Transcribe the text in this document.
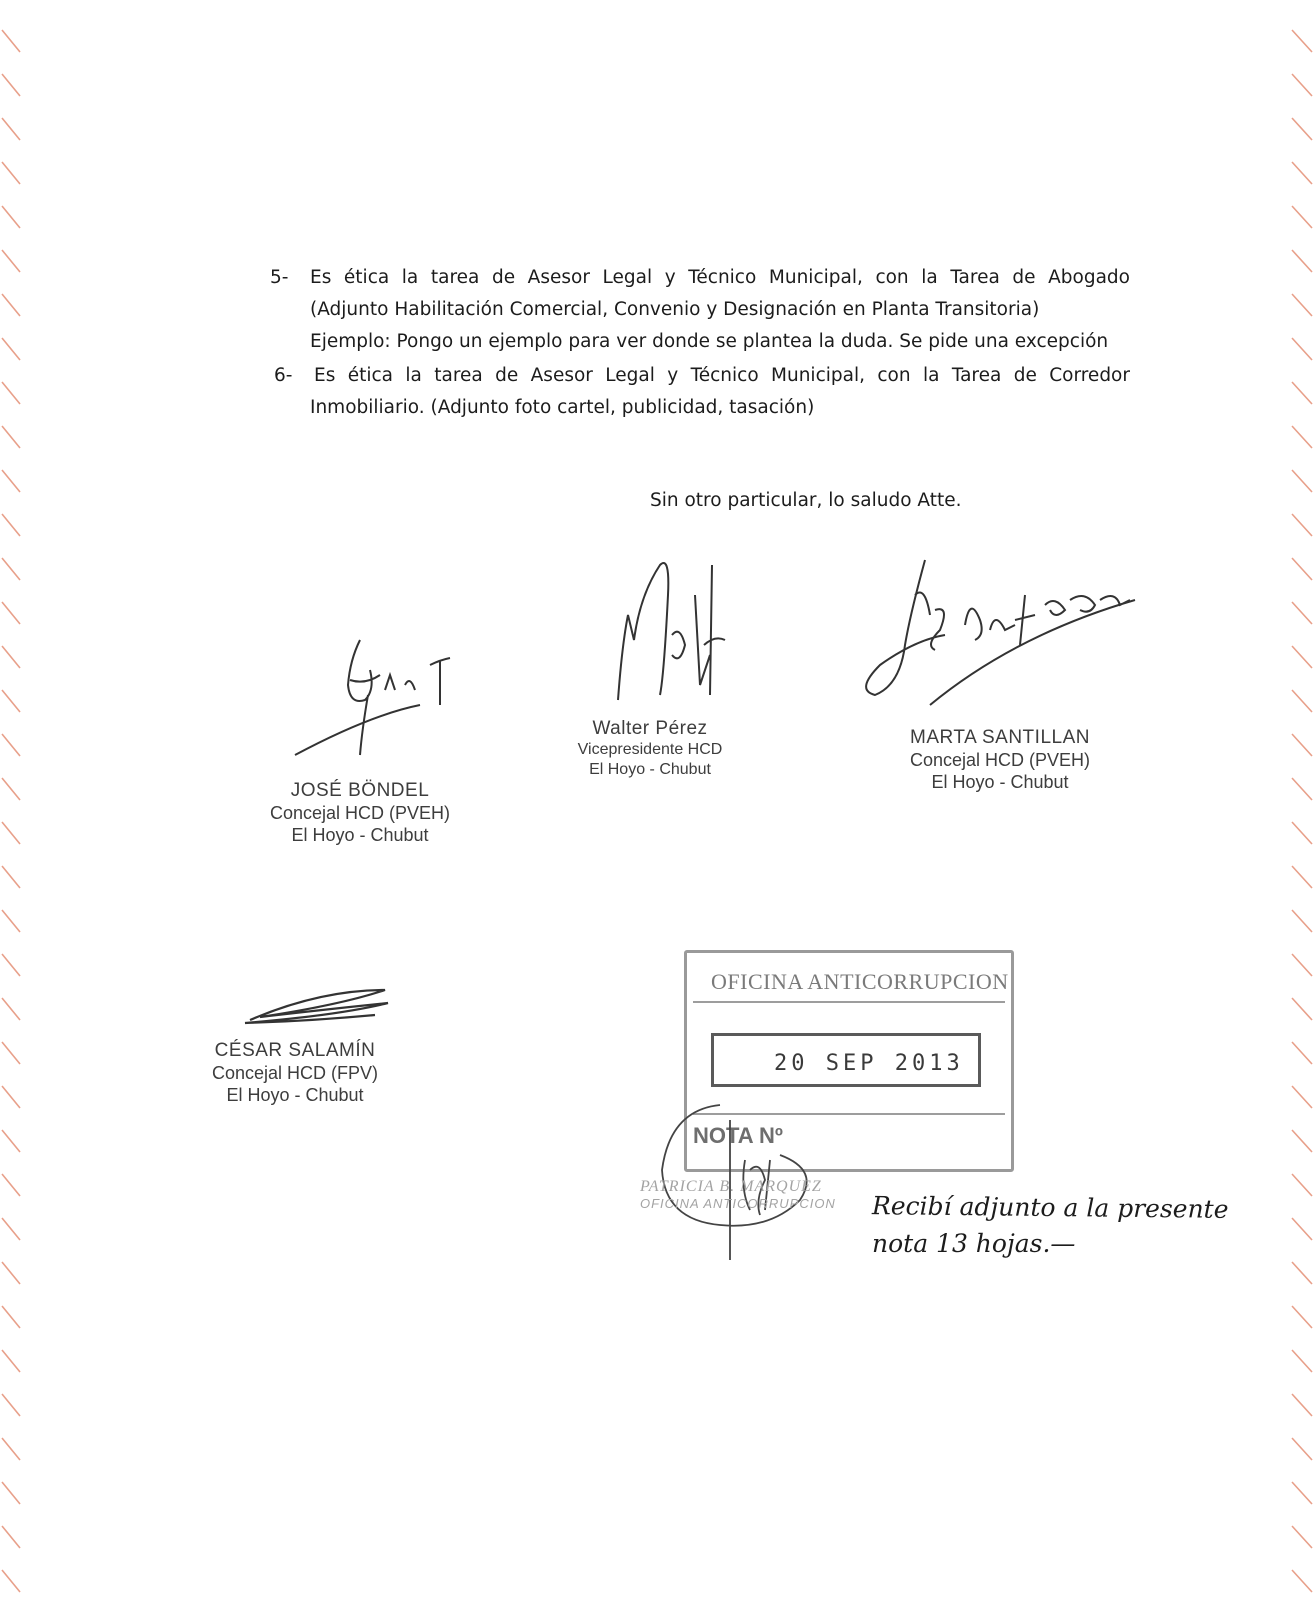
5- Es ética la tarea de Asesor Legal y Técnico Municipal, con la Tarea de Abogado

(Adjunto Habilitación Comercial, Convenio y Designación en Planta Transitoria)

Ejemplo: Pongo un ejemplo para ver donde se plantea la duda. Se pide una excepción

6- Es ética la tarea de Asesor Legal y Técnico Municipal, con la Tarea de Corredor

Inmobiliario. (Adjunto foto cartel, publicidad, tasación)

Sin otro particular, lo saludo Atte.
JOSÉ BÖNDEL
Concejal HCD (PVEH)
El Hoyo - Chubut
Walter Pérez
Vicepresidente HCD
El Hoyo - Chubut
MARTA SANTILLAN
Concejal HCD (PVEH)
El Hoyo - Chubut
CÉSAR SALAMÍN
Concejal HCD (FPV)
El Hoyo - Chubut
OFICINA ANTICORRUPCION
20 SEP 2013
NOTA Nº
PATRICIA B. MARQUEZ
OFICINA ANTICORRUPCION Recibí adjunto a la presente
nota 13 hojas.—
